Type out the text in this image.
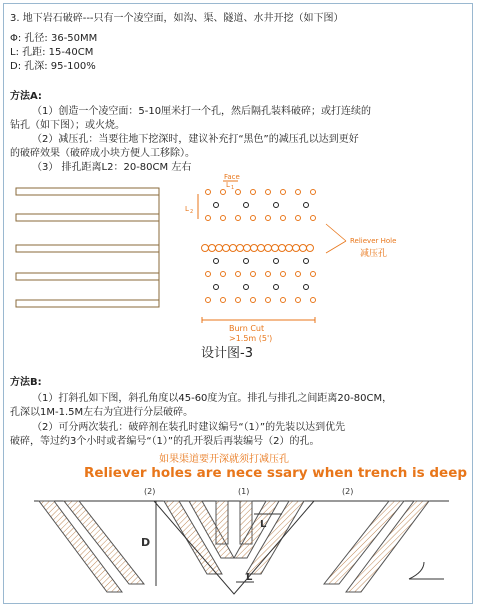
3. 地下岩石破碎---只有一个凌空面，如沟、渠、隧道、水井开挖（如下图）
Φ: 孔径: 36-50MM
L: 孔距: 15-40CM
D: 孔深: 95-100%
方法A:
（1）创造一个凌空面：5-10厘米打一个孔，然后隔孔装料破碎；或打连续的
钻孔（如下图）；或火烧。
（2）减压孔：当要往地下挖深时，建议补充打“黑色”的减压孔以达到更好
的破碎效果（破碎成小块方便人工移除）。
（3） 排孔距离L2：20-80CM 左右
Face
L 1
L 2
Reliever Hole
减压孔
Burn Cut
>1.5m (5')
设计图-3
方法B:
（1）打斜孔如下图，斜孔角度以45-60度为宜。排孔与排孔之间距离20-80CM，
孔深以1M-1.5M左右为宜进行分层破碎。
（2）可分两次装孔：破碎剂在装孔时建议编号“（1）”的先装以达到优先
破碎，等过约3个小时或者编号“（1）”的孔开裂后再装编号（2）的孔。
如果渠道要开深就须打减压孔
Reliever holes are nece ssary when trench is deep
(2)	(1)	(2)
D
L
L
